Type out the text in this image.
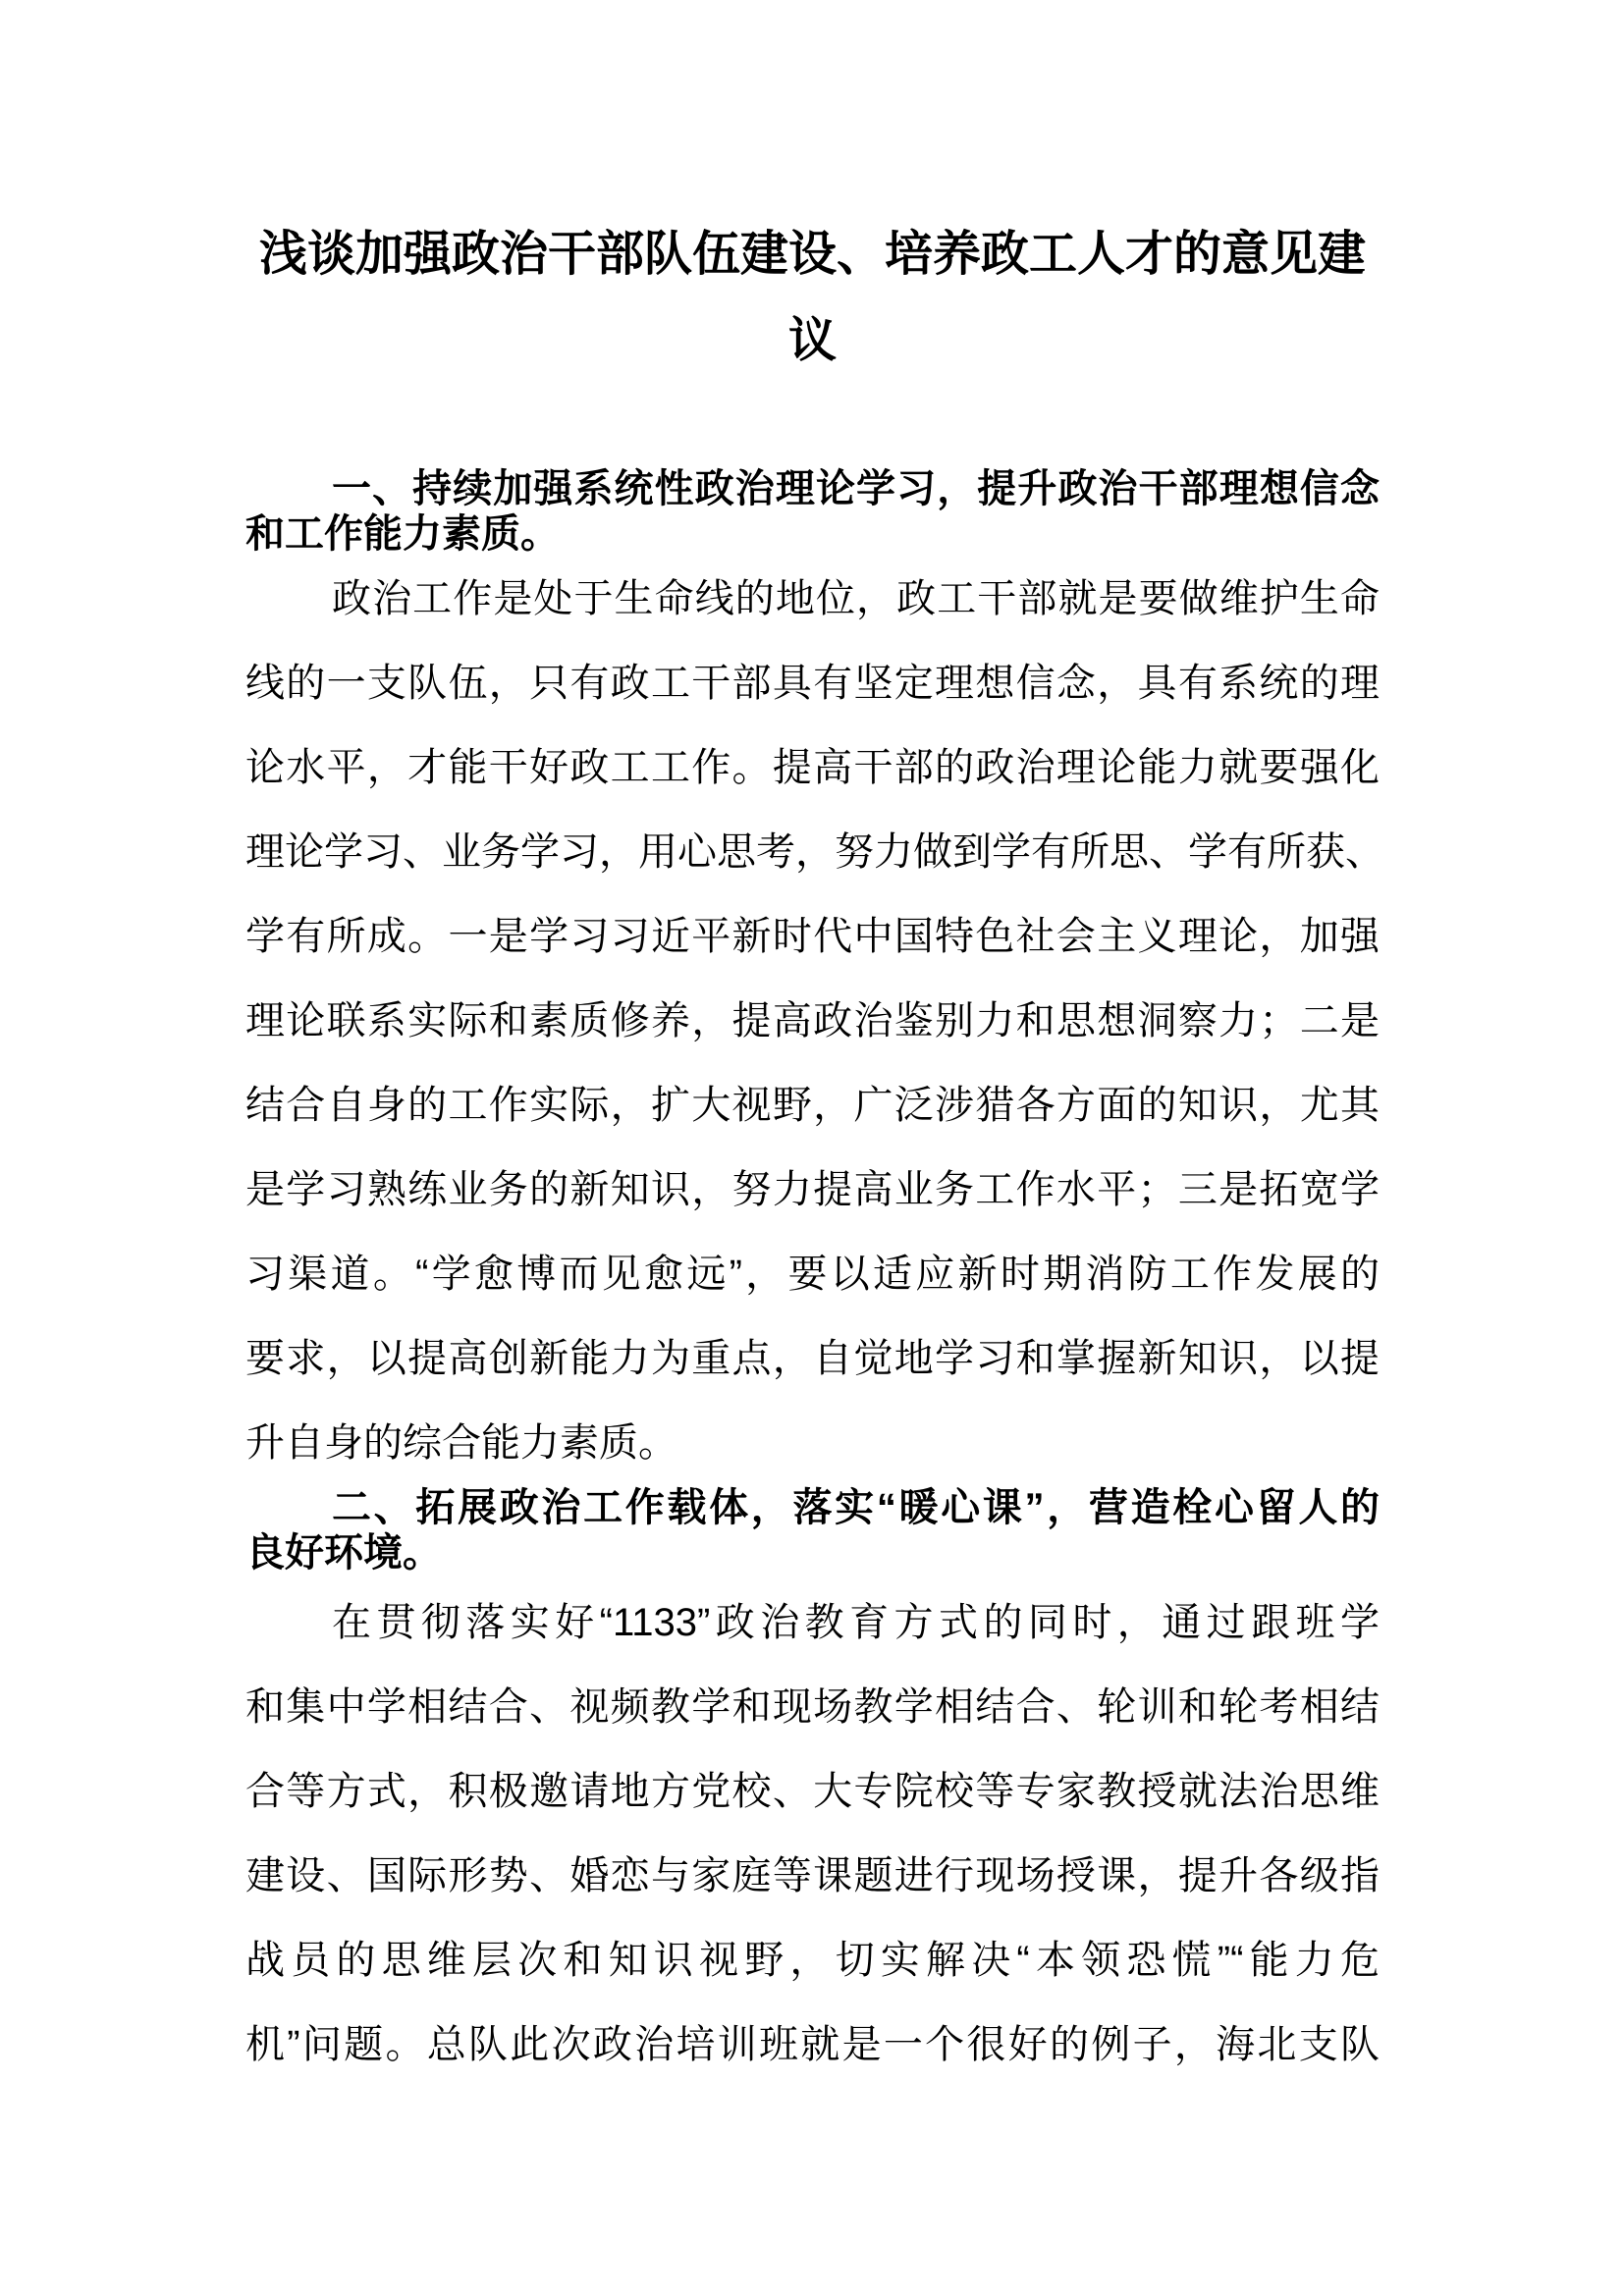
浅谈加强政治干部队伍建设、培养政工人才的意见建
议
一、持续加强系统性政治理论学习，提升政治干部理想信念
和工作能力素质。
政治工作是处于生命线的地位，政工干部就是要做维护生命
线的一支队伍，只有政工干部具有坚定理想信念，具有系统的理
论水平，才能干好政工工作。提高干部的政治理论能力就要强化
理论学习、业务学习，用心思考，努力做到学有所思、学有所获、
学有所成。一是学习习近平新时代中国特色社会主义理论，加强
理论联系实际和素质修养，提高政治鉴别力和思想洞察力；二是
结合自身的工作实际，扩大视野，广泛涉猎各方面的知识，尤其
是学习熟练业务的新知识，努力提高业务工作水平；三是拓宽学
习渠道。“学愈博而见愈远”，要以适应新时期消防工作发展的
要求，以提高创新能力为重点，自觉地学习和掌握新知识，以提
升自身的综合能力素质。
二、拓展政治工作载体，落实“暖心课”，营造栓心留人的
良好环境。
在贯彻落实好“1133”政治教育方式的同时，通过跟班学
和集中学相结合、视频教学和现场教学相结合、轮训和轮考相结
合等方式，积极邀请地方党校、大专院校等专家教授就法治思维
建设、国际形势、婚恋与家庭等课题进行现场授课，提升各级指
战员的思维层次和知识视野，切实解决“本领恐慌”“能力危
机”问题。总队此次政治培训班就是一个很好的例子，海北支队
